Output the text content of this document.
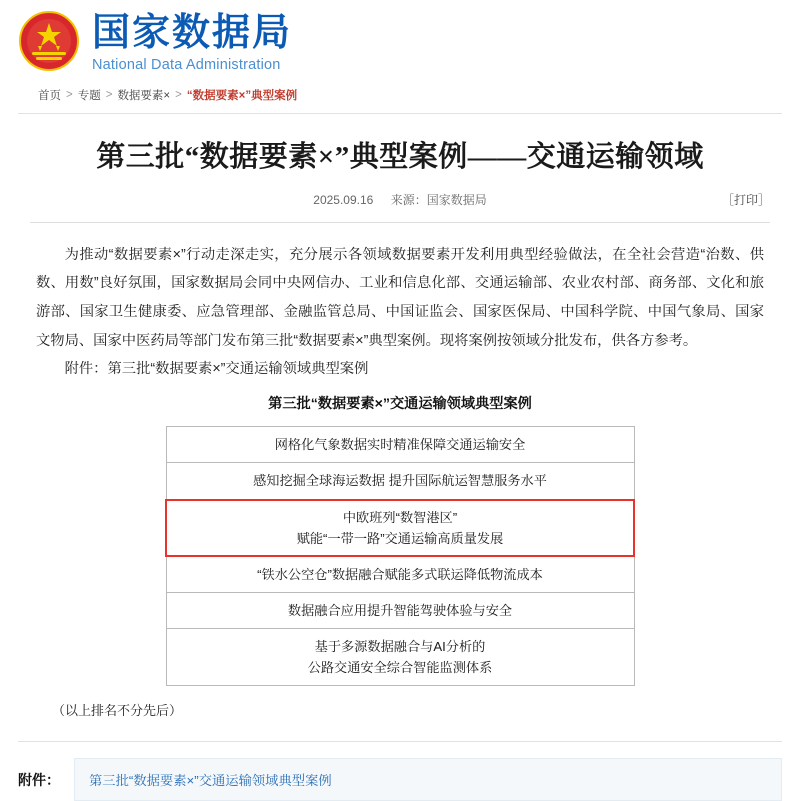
国家数据局
National Data Administration
首页 > 专题 > 数据要素× > “数据要素×”典型案例
第三批“数据要素×”典型案例——交通运输领域
2025.09.16 来源：国家数据局	［打印］

为推动“数据要素×”行动走深走实，充分展示各领域数据要素开发利用典型经验做法，在全社会营造“治数、供数、用数”良好氛围，国家数据局会同中央网信办、工业和信息化部、交通运输部、农业农村部、商务部、文化和旅游部、国家卫生健康委、应急管理部、金融监管总局、中国证监会、国家医保局、中国科学院、中国气象局、国家文物局、国家中医药局等部门发布第三批“数据要素×”典型案例。现将案例按领域分批发布，供各方参考。

附件：第三批“数据要素×”交通运输领域典型案例

第三批“数据要素×”交通运输领域典型案例
网格化气象数据实时精准保障交通运输安全
感知挖掘全球海运数据 提升国际航运智慧服务水平

中欧班列“数智港区”
赋能“一带一路”交通运输高质量发展

“铁水公空仓”数据融合赋能多式联运降低物流成本
数据融合应用提升智能驾驶体验与安全

基于多源数据融合与AI分析的
公路交通安全综合智能监测体系
（以上排名不分先后）
附件：	第三批“数据要素×”交通运输领域典型案例
